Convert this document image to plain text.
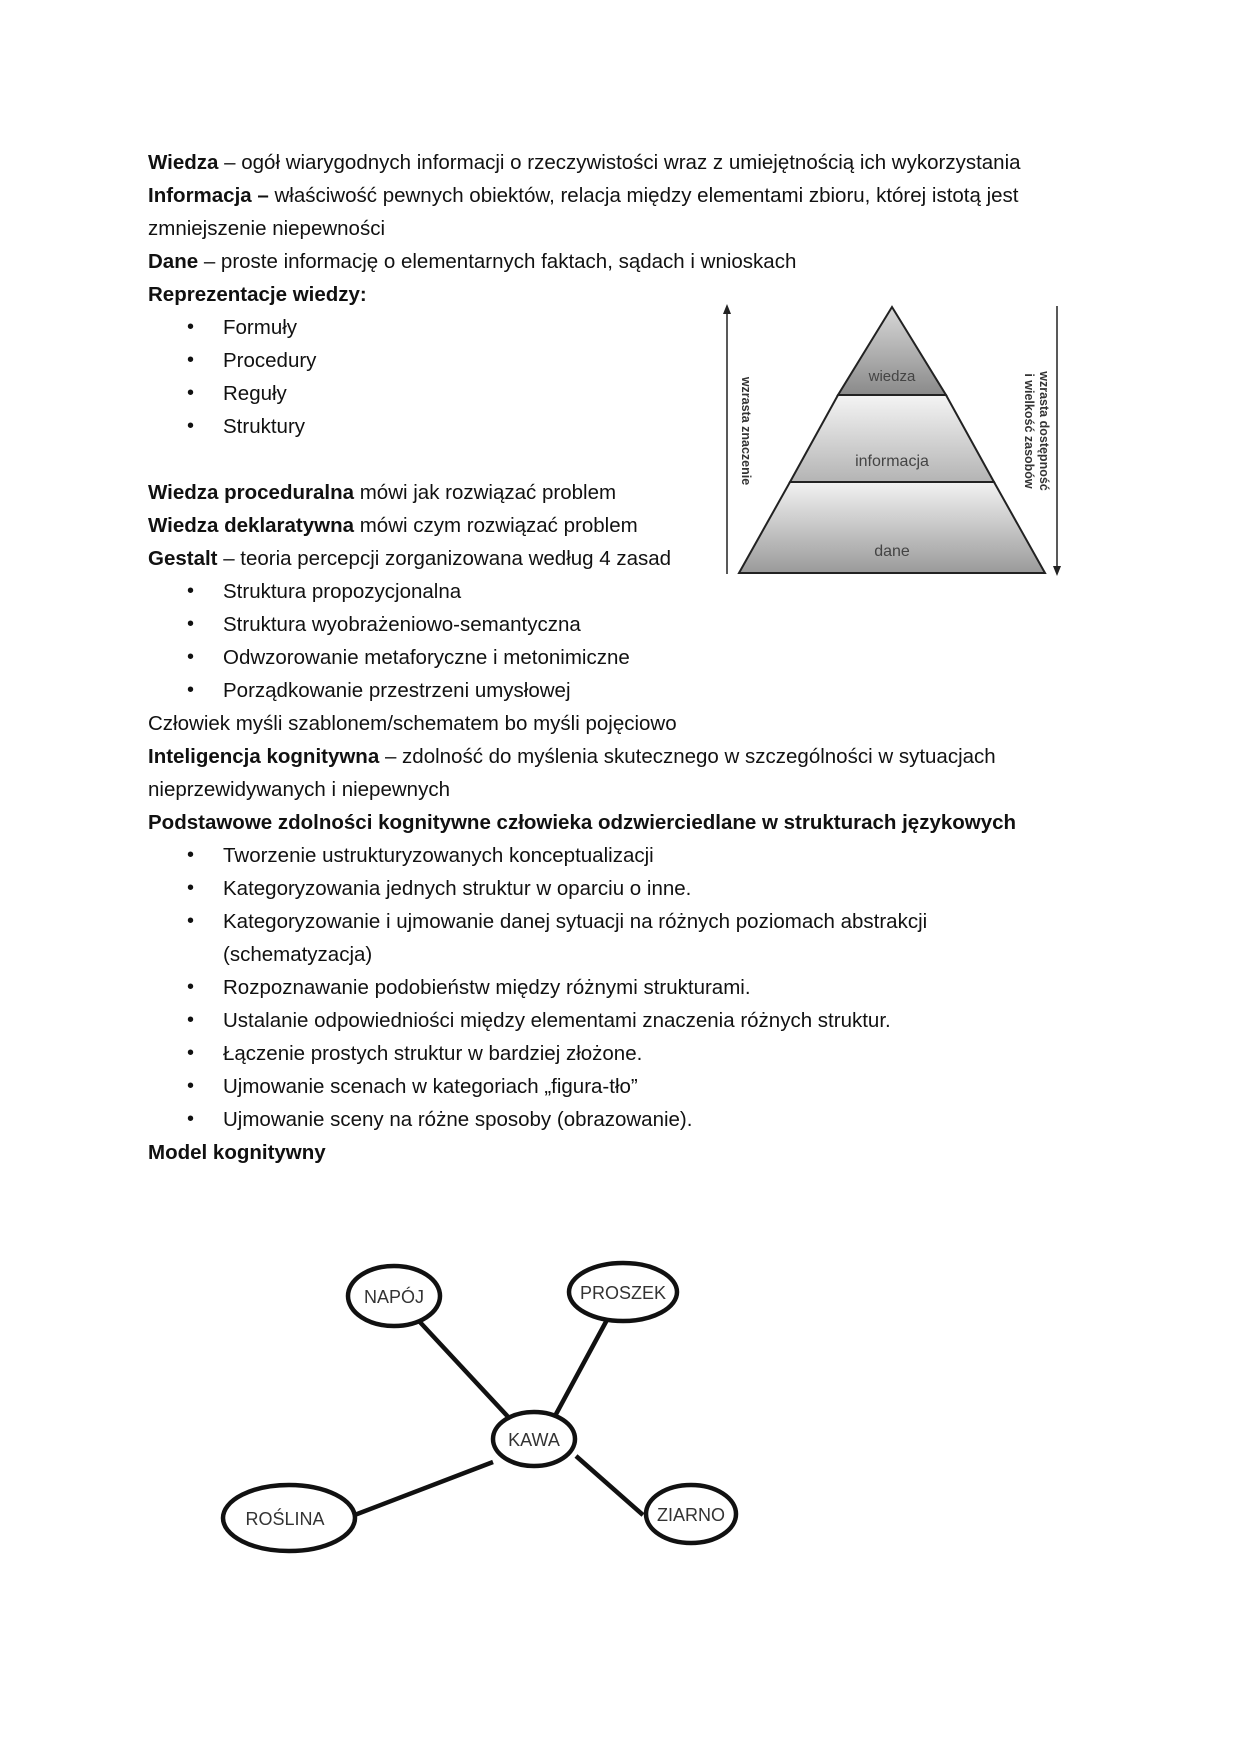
Wiedza – ogół wiarygodnych informacji o rzeczywistości wraz z umiejętnością ich wykorzystania
Informacja – właściwość pewnych obiektów, relacja między elementami zbioru, której istotą jest
zmniejszenie niepewności
Dane – proste informację o elementarnych faktach, sądach i wnioskach
Reprezentacje wiedzy:
• Formuły
• Procedury
• Reguły
• Struktury
Wiedza proceduralna mówi jak rozwiązać problem
Wiedza deklaratywna mówi czym rozwiązać problem
Gestalt – teoria percepcji zorganizowana według 4 zasad
• Struktura propozycjonalna
• Struktura wyobrażeniowo-semantyczna
• Odwzorowanie metaforyczne i metonimiczne
• Porządkowanie przestrzeni umysłowej
Człowiek myśli szablonem/schematem bo myśli pojęciowo
Inteligencja kognitywna – zdolność do myślenia skutecznego w szczególności w sytuacjach
nieprzewidywanych i niepewnych
Podstawowe zdolności kognitywne człowieka odzwierciedlane w strukturach językowych
• Tworzenie ustrukturyzowanych konceptualizacji
• Kategoryzowania jednych struktur w oparciu o inne.
• Kategoryzowanie i ujmowanie danej sytuacji na różnych poziomach abstrakcji
(schematyzacja)
• Rozpoznawanie podobieństw między różnymi strukturami.
• Ustalanie odpowiedniości między elementami znaczenia różnych struktur.
• Łączenie prostych struktur w bardziej złożone.
• Ujmowanie scenach w kategoriach „figura-tło”
• Ujmowanie sceny na różne sposoby (obrazowanie).
Model kognitywny
wiedza
informacja
dane
wzrasta znaczenie	wzrasta dostępność
i wielkość zasobów
NAPÓJ	PROSZEK
KAWA
ROŚLINA	ZIARNO
